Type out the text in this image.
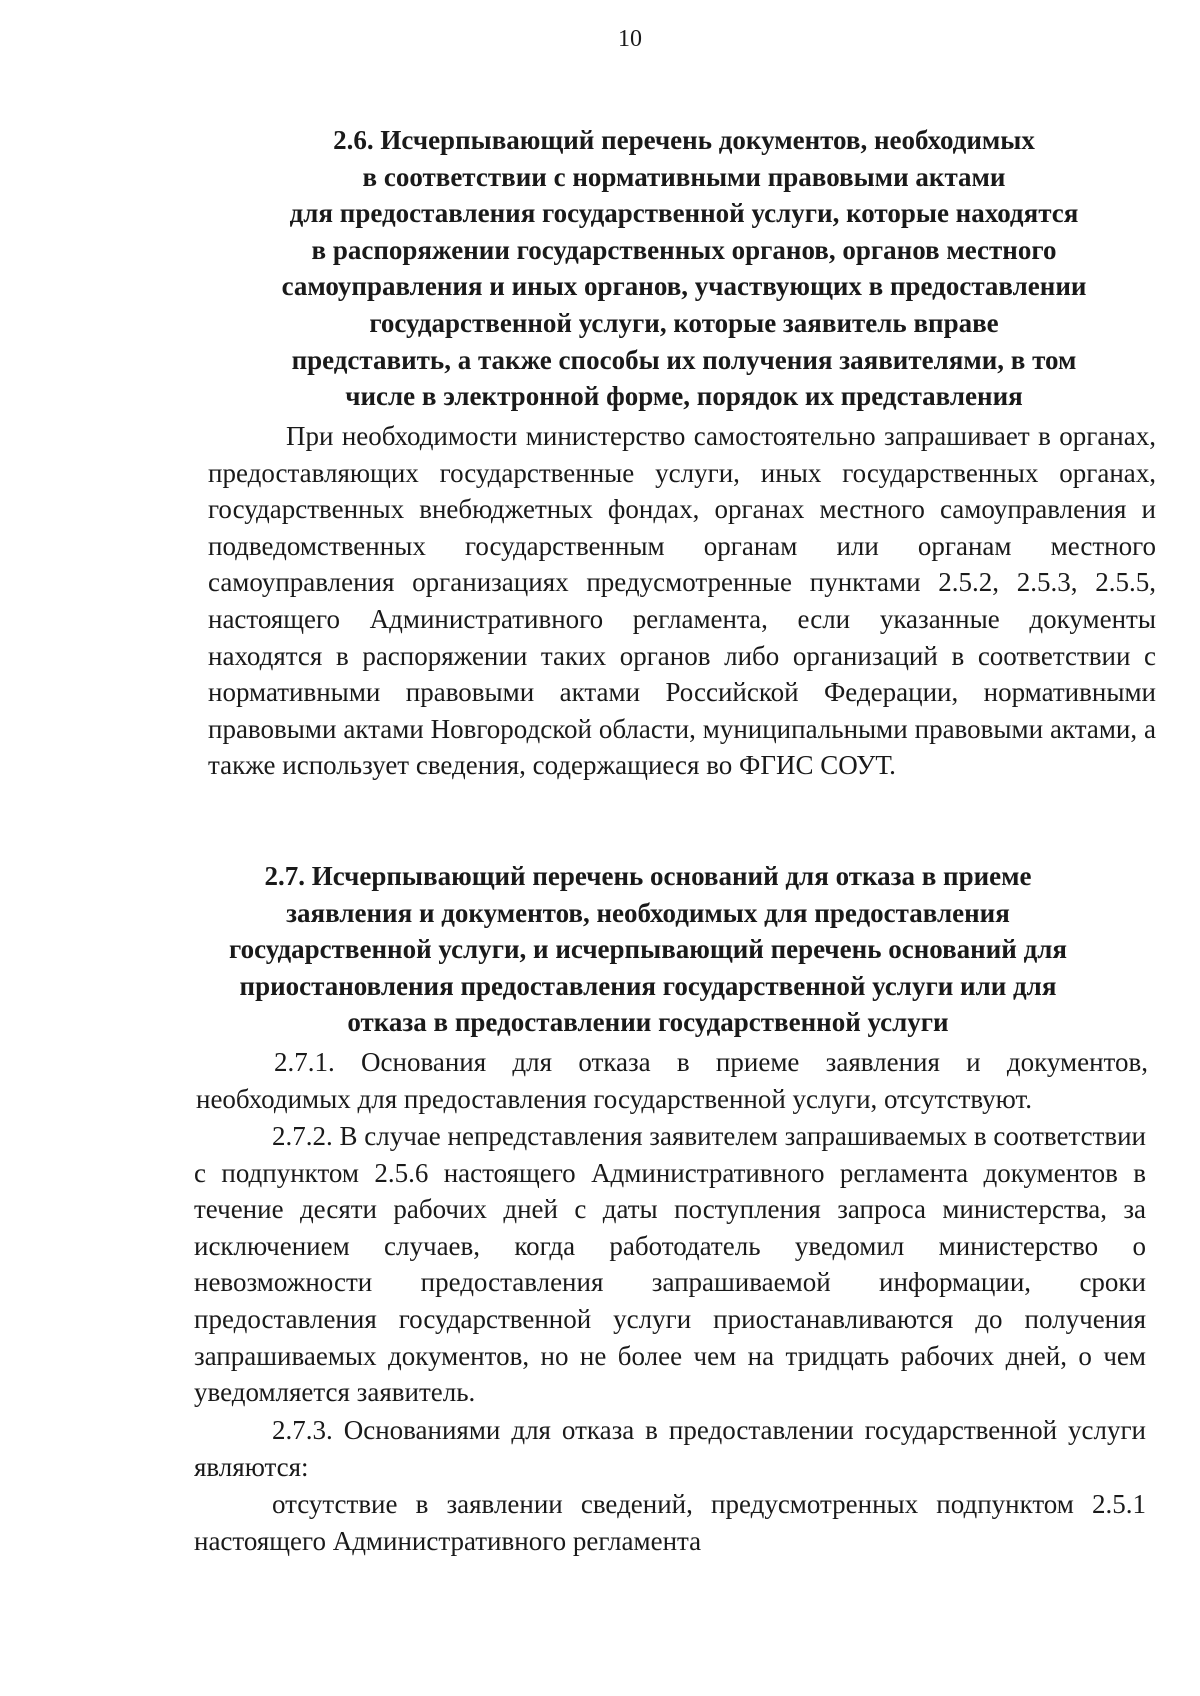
10
2.6. Исчерпывающий перечень документов, необходимых
в соответствии с нормативными правовыми актами
для предоставления государственной услуги, которые находятся
в распоряжении государственных органов, органов местного
самоуправления и иных органов, участвующих в предоставлении
государственной услуги, которые заявитель вправе
представить, а также способы их получения заявителями, в том
числе в электронной форме, порядок их представления

При необходимости министерство самостоятельно запрашивает в органах, предоставляющих государственные услуги, иных государственных органах, государственных внебюджетных фондах, органах местного самоуправления и подведомственных государственным органам или органам местного самоуправления организациях предусмотренные пунктами 2.5.2, 2.5.3, 2.5.5, настоящего Административного регламента, если указанные документы находятся в распоряжении таких органов либо организаций в соответствии с нормативными правовыми актами Российской Федерации, нормативными правовыми актами Новгородской области, муниципальными правовыми актами, а также использует сведения, содержащиеся во ФГИС СОУТ.

2.7. Исчерпывающий перечень оснований для отказа в приеме
заявления и документов, необходимых для предоставления
государственной услуги, и исчерпывающий перечень оснований для
приостановления предоставления государственной услуги или для
отказа в предоставлении государственной услуги

2.7.1. Основания для отказа в приеме заявления и документов, необходимых для предоставления государственной услуги, отсутствуют.

2.7.2. В случае непредставления заявителем запрашиваемых в соответствии с подпунктом 2.5.6 настоящего Административного регламента документов в течение десяти рабочих дней с даты поступления запроса министерства, за исключением случаев, когда работодатель уведомил министерство о невозможности предоставления запрашиваемой информации, сроки предоставления государственной услуги приостанавливаются до получения запрашиваемых документов, но не более чем на тридцать рабочих дней, о чем уведомляется заявитель.

2.7.3. Основаниями для отказа в предоставлении государственной услуги являются:

отсутствие в заявлении сведений, предусмотренных подпунктом 2.5.1 настоящего Административного регламента
